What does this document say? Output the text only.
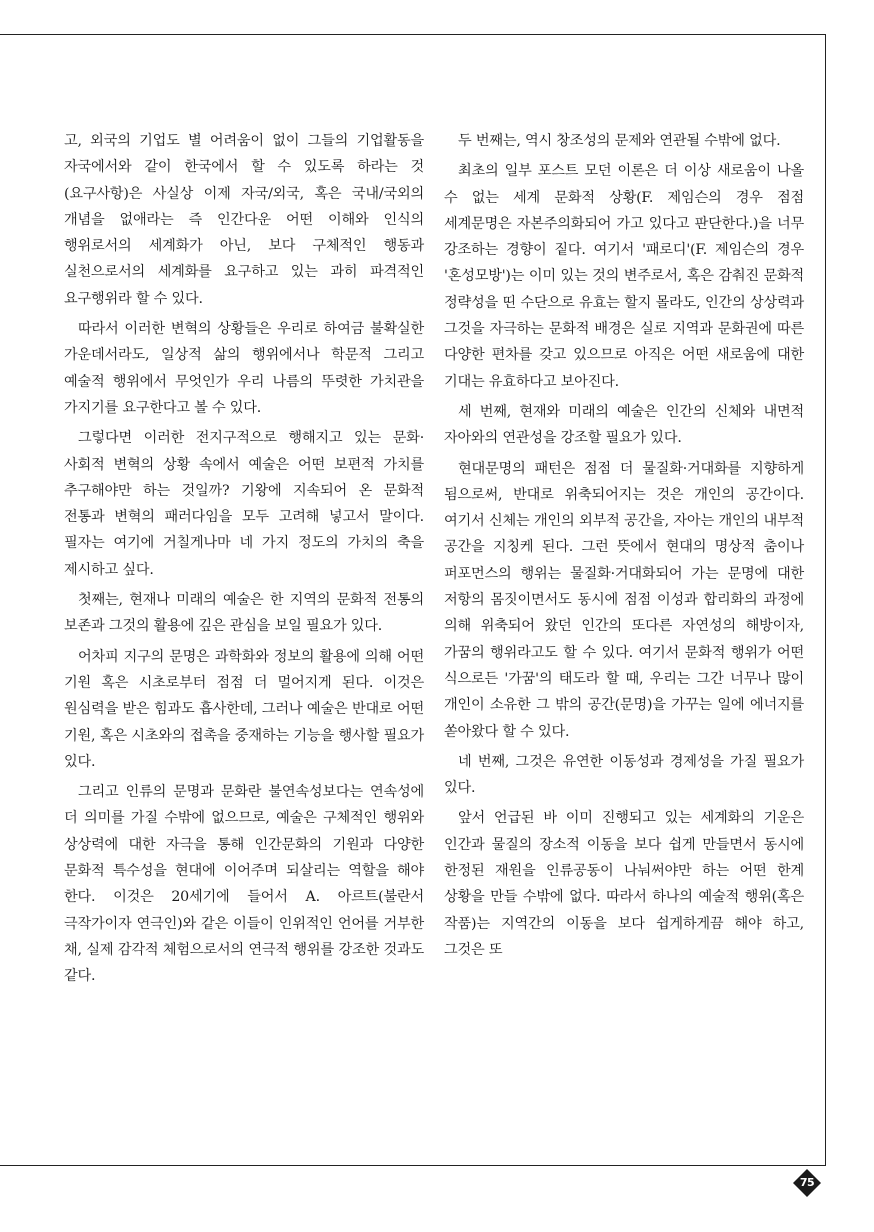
고, 외국의 기업도 별 어려움이 없이 그들의 기업활동을 자국에서와 같이 한국에서 할 수 있도록 하라는 것(요구사항)은 사실상 이제 자국/외국, 혹은 국내/국외의 개념을 없애라는 즉 인간다운 어떤 이해와 인식의 행위로서의 세계화가 아닌, 보다 구체적인 행동과 실천으로서의 세계화를 요구하고 있는 과히 파격적인 요구행위라 할 수 있다.

따라서 이러한 변혁의 상황들은 우리로 하여금 불확실한 가운데서라도, 일상적 삶의 행위에서나 학문적 그리고 예술적 행위에서 무엇인가 우리 나름의 뚜렷한 가치관을 가지기를 요구한다고 볼 수 있다.

그렇다면 이러한 전지구적으로 행해지고 있는 문화·사회적 변혁의 상황 속에서 예술은 어떤 보편적 가치를 추구해야만 하는 것일까? 기왕에 지속되어 온 문화적 전통과 변혁의 패러다임을 모두 고려해 넣고서 말이다. 필자는 여기에 거칠게나마 네 가지 정도의 가치의 축을 제시하고 싶다.

첫째는, 현재나 미래의 예술은 한 지역의 문화적 전통의 보존과 그것의 활용에 깊은 관심을 보일 필요가 있다.

어차피 지구의 문명은 과학화와 정보의 활용에 의해 어떤 기원 혹은 시초로부터 점점 더 멀어지게 된다. 이것은 원심력을 받은 힘과도 흡사한데, 그러나 예술은 반대로 어떤 기원, 혹은 시초와의 접촉을 중재하는 기능을 행사할 필요가 있다.

그리고 인류의 문명과 문화란 불연속성보다는 연속성에 더 의미를 가질 수밖에 없으므로, 예술은 구체적인 행위와 상상력에 대한 자극을 통해 인간문화의 기원과 다양한 문화적 특수성을 현대에 이어주며 되살리는 역할을 해야 한다. 이것은 20세기에 들어서 A. 아르트(불란서 극작가이자 연극인)와 같은 이들이 인위적인 언어를 거부한 채, 실제 감각적 체험으로서의 연극적 행위를 강조한 것과도 같다.

두 번째는, 역시 창조성의 문제와 연관될 수밖에 없다.

최초의 일부 포스트 모던 이론은 더 이상 새로움이 나올 수 없는 세계 문화적 상황(F. 제임슨의 경우 점점 세계문명은 자본주의화되어 가고 있다고 판단한다.)을 너무 강조하는 경향이 짙다. 여기서 '패로디'(F. 제임슨의 경우 '혼성모방')는 이미 있는 것의 변주로서, 혹은 감춰진 문화적 정략성을 띤 수단으로 유효는 할지 몰라도, 인간의 상상력과 그것을 자극하는 문화적 배경은 실로 지역과 문화권에 따른 다양한 편차를 갖고 있으므로 아직은 어떤 새로움에 대한 기대는 유효하다고 보아진다.

세 번째, 현재와 미래의 예술은 인간의 신체와 내면적 자아와의 연관성을 강조할 필요가 있다.

현대문명의 패턴은 점점 더 물질화·거대화를 지향하게 됨으로써, 반대로 위축되어지는 것은 개인의 공간이다. 여기서 신체는 개인의 외부적 공간을, 자아는 개인의 내부적 공간을 지칭케 된다. 그런 뜻에서 현대의 명상적 춤이나 퍼포먼스의 행위는 물질화·거대화되어 가는 문명에 대한 저항의 몸짓이면서도 동시에 점점 이성과 합리화의 과정에 의해 위축되어 왔던 인간의 또다른 자연성의 해방이자, 가꿈의 행위라고도 할 수 있다. 여기서 문화적 행위가 어떤 식으로든 '가꿈'의 태도라 할 때, 우리는 그간 너무나 많이 개인이 소유한 그 밖의 공간(문명)을 가꾸는 일에 에너지를 쏟아왔다 할 수 있다.

네 번째, 그것은 유연한 이동성과 경제성을 가질 필요가 있다.

앞서 언급된 바 이미 진행되고 있는 세계화의 기운은 인간과 물질의 장소적 이동을 보다 쉽게 만들면서 동시에 한정된 재원을 인류공동이 나눠써야만 하는 어떤 한계 상황을 만들 수밖에 없다. 따라서 하나의 예술적 행위(혹은 작품)는 지역간의 이동을 보다 쉽게하게끔 해야 하고, 그것은 또

75
